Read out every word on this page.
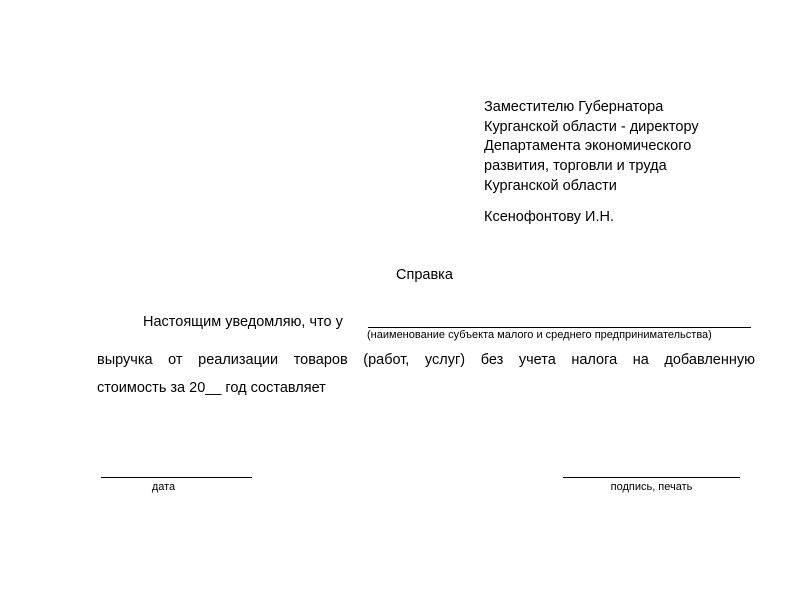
Заместителю Губернатора
Курганской области - директору
Департамента экономического
развития, торговли и труда
Курганской области
Ксенофонтову И.Н.
Справка
Настоящим уведомляю, что у
(наименование субъекта малого и среднего предпринимательства)
выручка от реализации товаров (работ, услуг) без учета налога на добавленную
стоимость за 20__ год составляет
дата	подпись, печать
